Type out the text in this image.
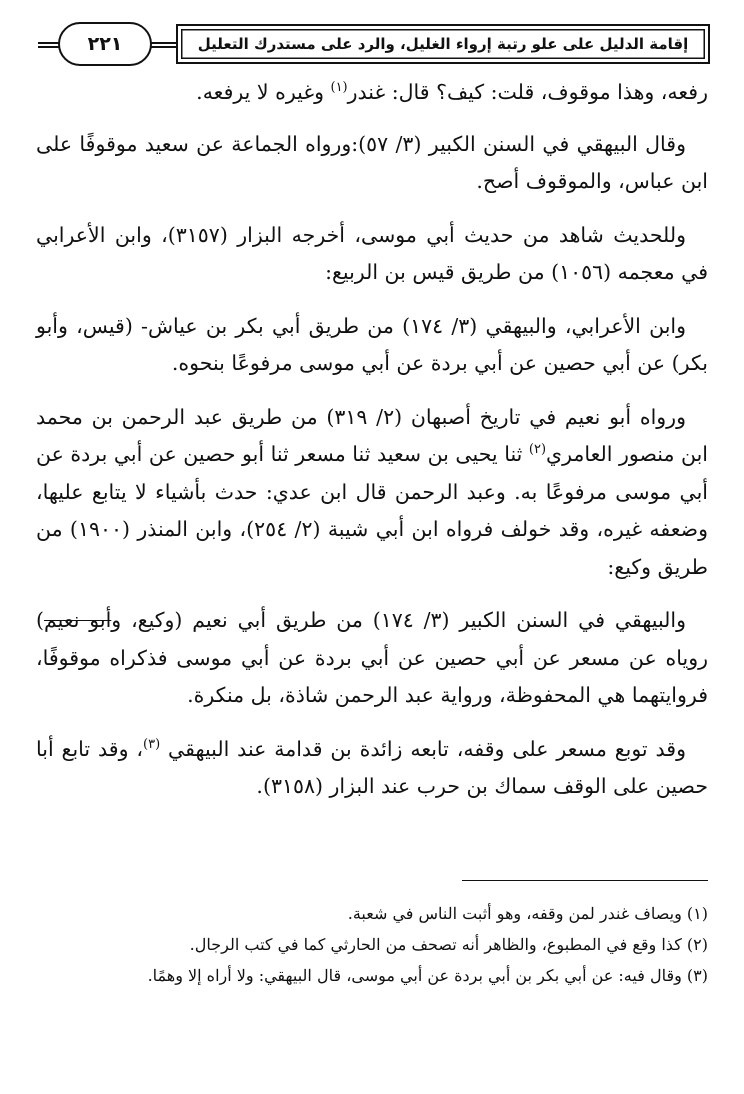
٢٢١	إقامة الدليل على علو رتبة إرواء الغليل، والرد على مستدرك التعليل

رفعه، وهذا موقوف، قلت: كيف؟ قال: غندر$^{(١)}$ وغيره لا يرفعه.

وقال البيهقي في السنن الكبير (٣/ ٥٧):ورواه الجماعة عن سعيد موقوفًا على ابن عباس، والموقوف أصح.

وللحديث شاهد من حديث أبي موسى، أخرجه البزار (٣١٥٧)، وابن الأعرابي في معجمه (١٠٥٦) من طريق قيس بن الربيع:

وابن الأعرابي، والبيهقي (٣/ ١٧٤) من طريق أبي بكر بن عياش- (قيس، وأبو بكر) عن أبي حصين عن أبي بردة عن أبي موسى مرفوعًا بنحوه.

ورواه أبو نعيم في تاريخ أصبهان (٢/ ٣١٩) من طريق عبد الرحمن بن محمد ابن منصور العامري$^{(٢)}$ ثنا يحيى بن سعيد ثنا مسعر ثنا أبو حصين عن أبي بردة عن أبي موسى مرفوعًا به. وعبد الرحمن قال ابن عدي: حدث بأشياء لا يتابع عليها، وضعفه غيره، وقد خولف فرواه ابن أبي شيبة (٢/ ٢٥٤)، وابن المنذر (١٩٠٠) من طريق وكيع:

والبيهقي في السنن الكبير (٣/ ١٧٤) من طريق أبي نعيم (وكيع، وأبو نعيم) روياه عن مسعر عن أبي حصين عن أبي بردة عن أبي موسى فذكراه موقوفًا، فروايتهما هي المحفوظة، ورواية عبد الرحمن شاذة، بل منكرة.

وقد توبع مسعر على وقفه، تابعه زائدة بن قدامة عند البيهقي $^{(٣)}$، وقد تابع أبا حصين على الوقف سماك بن حرب عند البزار (٣١٥٨).

(١) ويصاف غندر لمن وقفه، وهو أثبت الناس في شعبة.

(٢) كذا وقع في المطبوع، والظاهر أنه تصحف من الحارثي كما في كتب الرجال.

(٣) وقال فيه: عن أبي بكر بن أبي بردة عن أبي موسى، قال البيهقي: ولا أراه إلا وهمًا.
